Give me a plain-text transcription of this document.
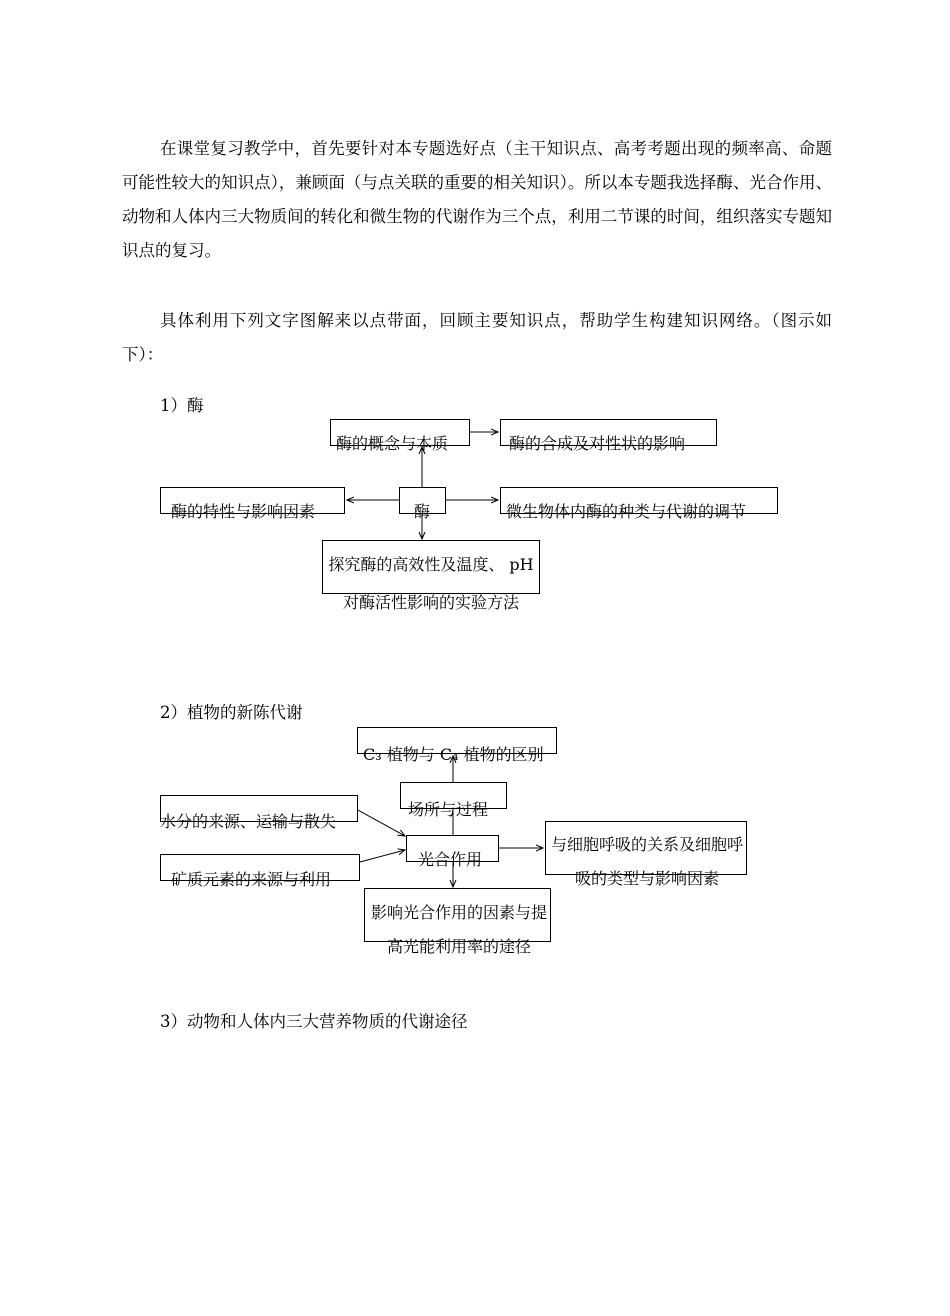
在课堂复习教学中，首先要针对本专题选好点（主干知识点、高考考题出现的频率高、命题可能性较大的知识点），兼顾面（与点关联的重要的相关知识）。所以本专题我选择酶、光合作用、动物和人体内三大物质间的转化和微生物的代谢作为三个点，利用二节课的时间，组织落实专题知识点的复习。

具体利用下列文字图解来以点带面，回顾主要知识点，帮助学生构建知识网络。（图示如下）：

1）酶

酶的概念与本质	酶的合成及对性状的影响
酶的特性与影响因素	酶	微生物体内酶的种类与代谢的调节
探究酶的高效性及温度、 pH 对酶活性影响的实验方法

2）植物的新陈代谢

C₃ 植物与 C₄ 植物的区别
场所与过程
水分的来源、运输与散失
矿质元素的来源与利用
光合作用
与细胞呼吸的关系及细胞呼吸的类型与影响因素
影响光合作用的因素与提高光能利用率的途径

3）动物和人体内三大营养物质的代谢途径
